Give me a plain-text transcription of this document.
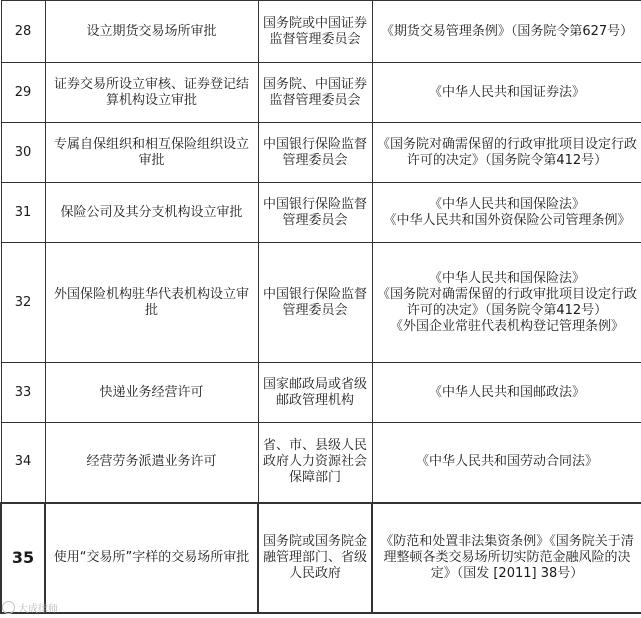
28	设立期货交易场所审批	国务院或中国证券监督管理委员会	《期货交易管理条例》（国务院令第627号）

29	证券交易所设立审核、证券登记结算机构设立审批	国务院、中国证券监督管理委员会	《中华人民共和国证券法》

30	专属自保组织和相互保险组织设立审批	中国银行保险监督管理委员会	《国务院对确需保留的行政审批项目设定行政许可的决定》（国务院令第412号）

31	保险公司及其分支机构设立审批	中国银行保险监督管理委员会	《中华人民共和国保险法》
《中华人民共和国外资保险公司管理条例》

32	外国保险机构驻华代表机构设立审批	中国银行保险监督管理委员会	《中华人民共和国保险法》
《国务院对确需保留的行政审批项目设定行政许可的决定》（国务院令第412号）
《外国企业常驻代表机构登记管理条例》

33	快递业务经营许可	国家邮政局或省级邮政管理机构	《中华人民共和国邮政法》

34	经营劳务派遣业务许可	省、市、县级人民政府人力资源社会保障部门	《中华人民共和国劳动合同法》

35	使用“交易所”字样的交易场所审批	国务院或国务院金融管理部门、省级人民政府	《防范和处置非法集资条例》《国务院关于清理整顿各类交易场所切实防范金融风险的决定》（国发 [2011] 38号）
大成律师
